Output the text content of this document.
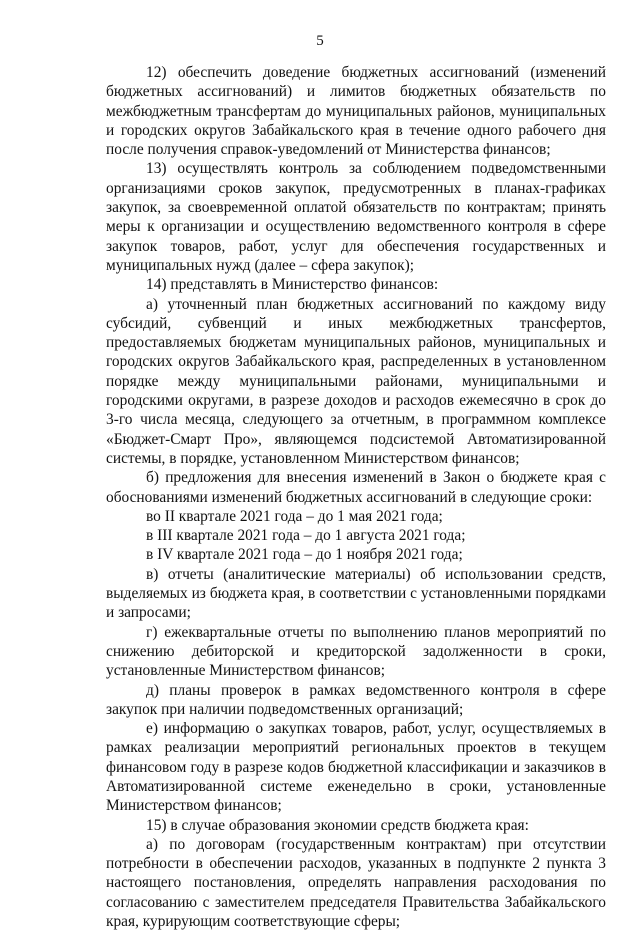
5

12) обеспечить доведение бюджетных ассигнований (изменений бюджетных ассигнований) и лимитов бюджетных обязательств по межбюджетным трансфертам до муниципальных районов, муниципальных и городских округов Забайкальского края в течение одного рабочего дня после получения справок-уведомлений от Министерства финансов;

13) осуществлять контроль за соблюдением подведомственными организациями сроков закупок, предусмотренных в планах-графиках закупок, за своевременной оплатой обязательств по контрактам; принять меры к организации и осуществлению ведомственного контроля в сфере закупок товаров, работ, услуг для обеспечения государственных и муниципальных нужд (далее – сфера закупок);

14) представлять в Министерство финансов:

а) уточненный план бюджетных ассигнований по каждому виду субсидий, субвенций и иных межбюджетных трансфертов, предоставляемых бюджетам муниципальных районов, муниципальных и городских округов Забайкальского края, распределенных в установленном порядке между муниципальными районами, муниципальными и городскими округами, в разрезе доходов и расходов ежемесячно в срок до 3-го числа месяца, следующего за отчетным, в программном комплексе «Бюджет-Смарт Про», являющемся подсистемой Автоматизированной системы, в порядке, установленном Министерством финансов;

б) предложения для внесения изменений в Закон о бюджете края с обоснованиями изменений бюджетных ассигнований в следующие сроки:

во II квартале 2021 года – до 1 мая 2021 года;

в III квартале 2021 года – до 1 августа 2021 года;

в IV квартале 2021 года – до 1 ноября 2021 года;

в) отчеты (аналитические материалы) об использовании средств, выделяемых из бюджета края, в соответствии с установленными порядками и запросами;

г) ежеквартальные отчеты по выполнению планов мероприятий по снижению дебиторской и кредиторской задолженности в сроки, установленные Министерством финансов;

д) планы проверок в рамках ведомственного контроля в сфере закупок при наличии подведомственных организаций;

е) информацию о закупках товаров, работ, услуг, осуществляемых в рамках реализации мероприятий региональных проектов в текущем финансовом году в разрезе кодов бюджетной классификации и заказчиков в Автоматизированной системе еженедельно в сроки, установленные Министерством финансов;

15) в случае образования экономии средств бюджета края:

а) по договорам (государственным контрактам) при отсутствии потребности в обеспечении расходов, указанных в подпункте 2 пункта 3 настоящего постановления, определять направления расходования по согласованию с заместителем председателя Правительства Забайкальского края, курирующим соответствующие сферы;
